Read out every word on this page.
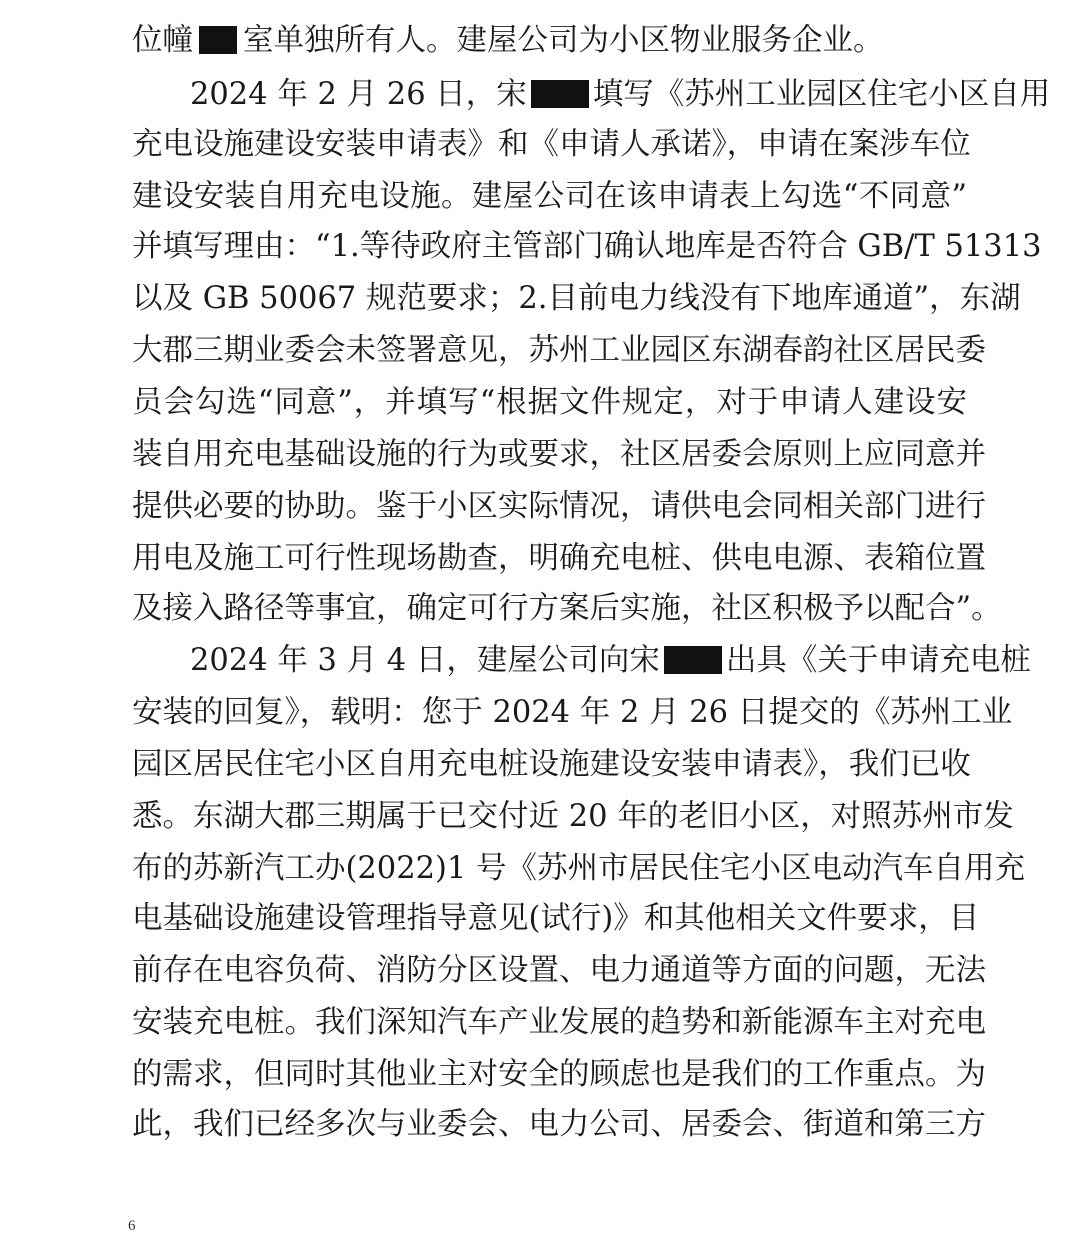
位幢 室单独所有人。建屋公司为小区物业服务企业。
2024 年 2 月 26 日，宋 填写《苏州工业园区住宅小区自用
充电设施建设安装申请表》和《申请人承诺》，申请在案涉车位
建设安装自用充电设施。建屋公司在该申请表上勾选“不同意”
并填写理由：“1.等待政府主管部门确认地库是否符合 GB/T 51313
以及 GB 50067 规范要求；2.目前电力线没有下地库通道”，东湖
大郡三期业委会未签署意见，苏州工业园区东湖春韵社区居民委
员会勾选“同意”，并填写“根据文件规定，对于申请人建设安
装自用充电基础设施的行为或要求，社区居委会原则上应同意并
提供必要的协助。鉴于小区实际情况，请供电会同相关部门进行
用电及施工可行性现场勘查，明确充电桩、供电电源、表箱位置
及接入路径等事宜，确定可行方案后实施，社区积极予以配合”。
2024 年 3 月 4 日，建屋公司向宋 出具《关于申请充电桩
安装的回复》，载明：您于 2024 年 2 月 26 日提交的《苏州工业
园区居民住宅小区自用充电桩设施建设安装申请表》，我们已收
悉。东湖大郡三期属于已交付近 20 年的老旧小区，对照苏州市发
布的苏新汽工办(2022)1 号《苏州市居民住宅小区电动汽车自用充
电基础设施建设管理指导意见(试行)》和其他相关文件要求，目
前存在电容负荷、消防分区设置、电力通道等方面的问题，无法
安装充电桩。我们深知汽车产业发展的趋势和新能源车主对充电
的需求，但同时其他业主对安全的顾虑也是我们的工作重点。为
此，我们已经多次与业委会、电力公司、居委会、街道和第三方
6
